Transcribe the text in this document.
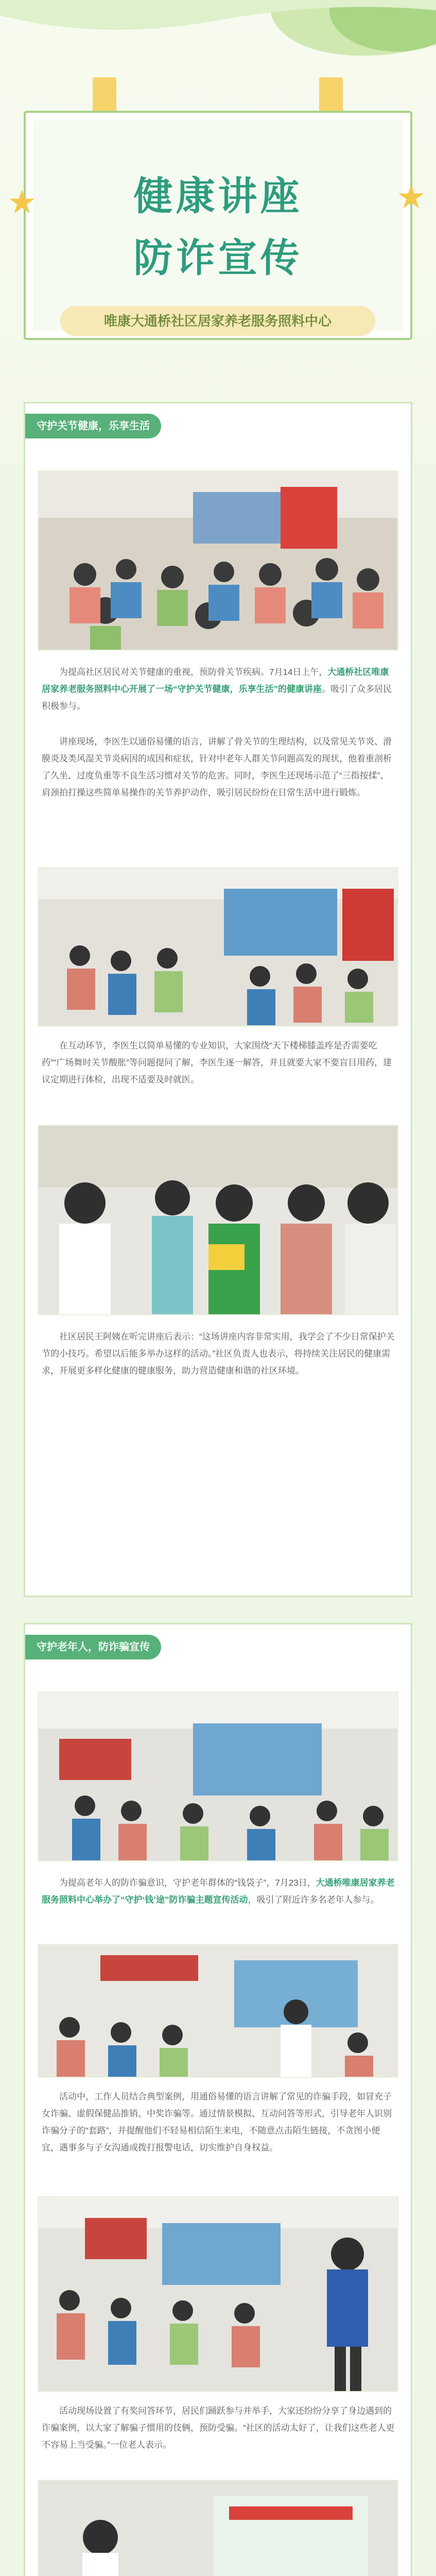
★	★
健康讲座
防诈宣传
唯康大通桥社区居家养老服务照料中心
守护关节健康，乐享生活

为提高社区居民对关节健康的重视，预防骨关节疾病。7月14日上午，大通桥社区唯康居家养老服务照料中心开展了一场“守护关节健康，乐享生活”的健康讲座。吸引了众多居民积极参与。

讲座现场，李医生以通俗易懂的语言，讲解了骨关节的生理结构，以及常见关节炎、滑膜炎及类风湿关节炎病因的成因和症状，针对中老年人群关节问题高发的现状，他着重剖析了久坐、过度负重等不良生活习惯对关节的危害。同时，李医生还现场示范了“三指按揉”、肩颈拍打操这些简单易操作的关节养护动作，吸引居民纷纷在日常生活中进行锻炼。

在互动环节，李医生以简单易懂的专业知识，大家围绕“天下楼梯膝盖疼是否需要吃药”“广场舞时关节酸胀”等问题提问了解，李医生逐一解答，并且就要大家不要盲目用药，建议定期进行体检，出现不适要及时就医。

社区居民王阿姨在听完讲座后表示：“这场讲座内容非常实用，我学会了不少日常保护关节的小技巧。希望以后能多举办这样的活动。”社区负责人也表示，将持续关注居民的健康需求，开展更多样化健康的健康服务，助力营造健康和谐的社区环境。

守护老年人，防诈骗宣传

为提高老年人的防诈骗意识，守护老年群体的“钱袋子”，7月23日，大通桥唯康居家养老服务照料中心举办了“守护‘钱’途”防诈骗主题宣传活动，吸引了附近许多名老年人参与。

活动中，工作人员结合典型案例，用通俗易懂的语言讲解了常见的诈骗手段，如冒充子女诈骗、虚假保健品推销、中奖诈骗等。通过情景模拟、互动问答等形式，引导老年人识别诈骗分子的“套路”，并提醒他们不轻易相信陌生来电，不随意点击陌生链接，不贪图小便宜，遇事多与子女沟通或拨打报警电话，切实维护自身权益。

活动现场设置了有奖问答环节，居民们踊跃参与并举手，大家还纷纷分享了身边遇到的诈骗案例，以大家了解骗子惯用的伎俩，预防受骗。“社区的活动太好了，让我们这些老人更不容易上当受骗。”一位老人表示。
